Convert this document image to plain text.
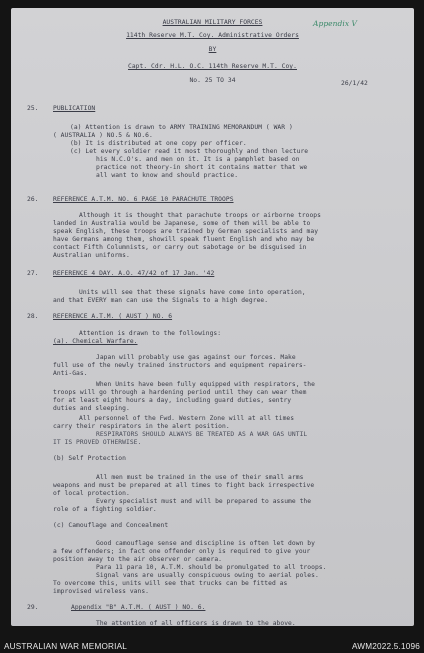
Appendix V
AUSTRALIAN MILITARY FORCES
114th Reserve M.T. Coy. Administrative Orders
BY
Capt. Cdr. H.L. O.C. 114th Reserve M.T. Coy.
No. 25 TO 34	26/1/42
25. PUBLICATION
(a) Attention is drawn to ARMY TRAINING MEMORANDUM ( WAR )
( AUSTRALIA ) NO.5 & NO.6.
(b) It is distributed at one copy per officer.
(c) Let every soldier read it most thoroughly and then lecture
his N.C.O's. and men on it. It is a pamphlet based on
practice not theory-in short it contains matter that we
all want to know and should practice.
26. REFERENCE A.T.M. NO. 6 PAGE 10 PARACHUTE TROOPS
Although it is thought that parachute troops or airborne troops
landed in Australia would be Japanese, some of them will be able to
speak English, these troops are trained by German specialists and may
have Germans among them, showill speak fluent English and who may be
contact Fifth Columnists, or carry out sabotage or be disguised in
Australian uniforms.
27. REFERENCE 4 DAY. A.O. 47/42 of 17 Jan. '42
Units will see that these signals have come into operation,
and that EVERY man can use the Signals to a high degree.
28. REFERENCE A.T.M. ( AUST ) NO. 6
Attention is drawn to the followings:
(a). Chemical Warfare.
Japan will probably use gas against our forces. Make
full use of the newly trained instructors and equipment repairers-
Anti-Gas.
When Units have been fully equipped with respirators, the
troops will go through a hardening period until they can wear them
for at least eight hours a day, including guard duties, sentry
duties and sleeping.
All personnel of the Fwd. Western Zone will at all times
carry their respirators in the alert position.
RESPIRATORS SHOULD ALWAYS BE TREATED AS A WAR GAS UNTIL
IT IS PROVED OTHERWISE.
(b) Self Protection
All men must be trained in the use of their small arms
weapons and must be prepared at all times to fight back irrespective
of local protection.
Every specialist must and will be prepared to assume the
role of a fighting soldier.
(c) Camouflage and Concealment
Good camouflage sense and discipline is often let down by
a few offenders; in fact one offender only is required to give your
position away to the air observer or camera.
Para 11 para 10, A.T.M. should be promulgated to all troops.
Signal vans are usually conspicuous owing to aerial poles.
To overcome this, units will see that trucks can be fitted as
improvised wireless vans.
29.	Appendix "B" A.T.M. ( AUST ) NO. 6.
The attention of all officers is drawn to the above.
AUSTRALIAN WAR MEMORIAL	AWM2022.5.1096
